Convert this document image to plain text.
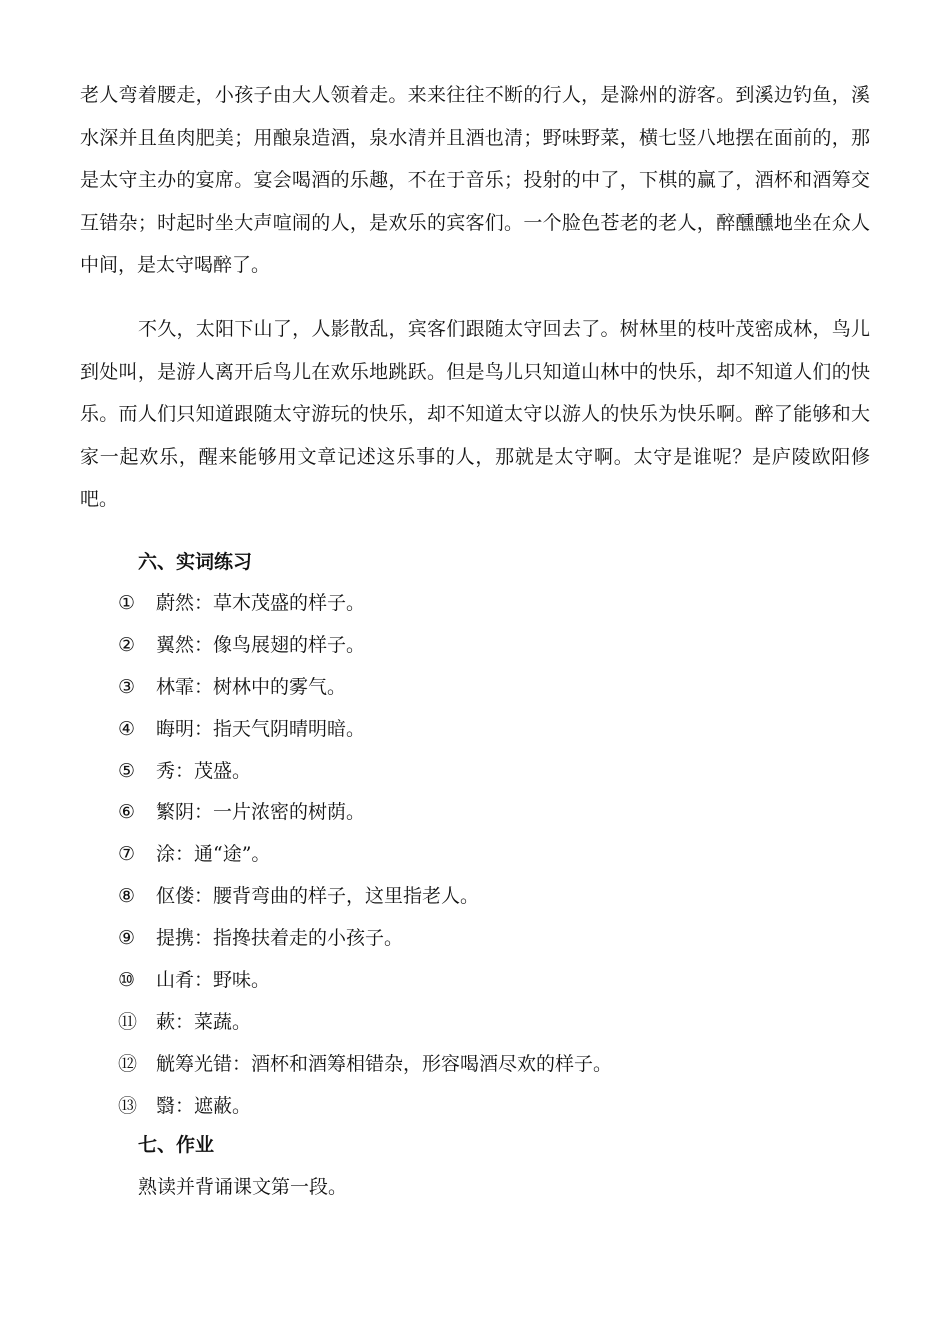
老人弯着腰走，小孩子由大人领着走。来来往往不断的行人，是滁州的游客。到溪边钓鱼，溪水深并且鱼肉肥美；用酿泉造酒，泉水清并且酒也清；野味野菜，横七竖八地摆在面前的，那是太守主办的宴席。宴会喝酒的乐趣，不在于音乐；投射的中了，下棋的赢了，酒杯和酒筹交互错杂；时起时坐大声喧闹的人，是欢乐的宾客们。一个脸色苍老的老人，醉醺醺地坐在众人中间，是太守喝醉了。

不久，太阳下山了，人影散乱，宾客们跟随太守回去了。树林里的枝叶茂密成林，鸟儿到处叫，是游人离开后鸟儿在欢乐地跳跃。但是鸟儿只知道山林中的快乐，却不知道人们的快乐。而人们只知道跟随太守游玩的快乐，却不知道太守以游人的快乐为快乐啊。醉了能够和大家一起欢乐，醒来能够用文章记述这乐事的人，那就是太守啊。太守是谁呢？是庐陵欧阳修吧。

六、实词练习
①	蔚然：草木茂盛的样子。
②	翼然：像鸟展翅的样子。
③	林霏：树林中的雾气。
④	晦明：指天气阴晴明暗。
⑤	秀：茂盛。
⑥	繁阴：一片浓密的树荫。
⑦	涂：通“途”。
⑧	伛偻：腰背弯曲的样子，这里指老人。
⑨	提携：指搀扶着走的小孩子。
⑩	山肴：野味。
⑪ 蔌：菜蔬。
⑫ 觥筹光错：酒杯和酒筹相错杂，形容喝酒尽欢的样子。
⑬ 翳：遮蔽。
七、作业

熟读并背诵课文第一段。
